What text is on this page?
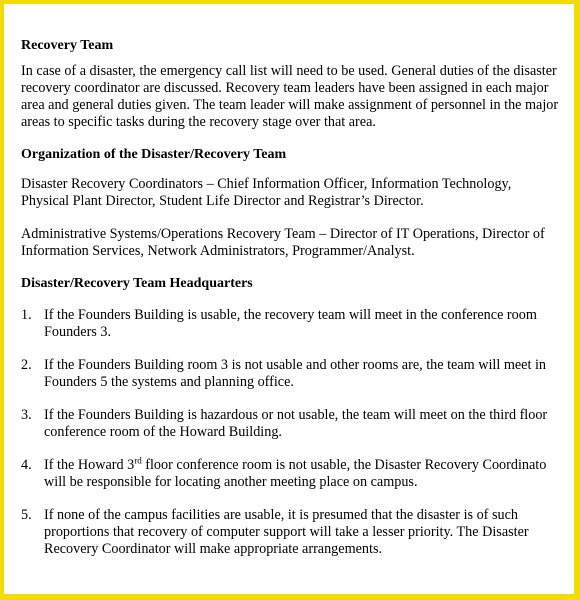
Recovery Team

In case of a disaster, the emergency call list will need to be used. General duties of the disaster recovery coordinator are discussed. Recovery team leaders have been assigned in each major area and general duties given. The team leader will make assignment of personnel in the major areas to specific tasks during the recovery stage over that area.

Organization of the Disaster/Recovery Team

Disaster Recovery Coordinators – Chief Information Officer, Information Technology, Physical Plant Director, Student Life Director and Registrar’s Director.

Administrative Systems/Operations Recovery Team – Director of IT Operations, Director of Information Services, Network Administrators, Programmer/Analyst.

Disaster/Recovery Team Headquarters
1. If the Founders Building is usable, the recovery team will meet in the conference room Founders 3.
2. If the Founders Building room 3 is not usable and other rooms are, the team will meet in Founders 5 the systems and planning office.
3. If the Founders Building is hazardous or not usable, the team will meet on the third floor conference room of the Howard Building.
4. If the Howard 3rd floor conference room is not usable, the Disaster Recovery Coordinato will be responsible for locating another meeting place on campus.
5. If none of the campus facilities are usable, it is presumed that the disaster is of such proportions that recovery of computer support will take a lesser priority. The Disaster Recovery Coordinator will make appropriate arrangements.
